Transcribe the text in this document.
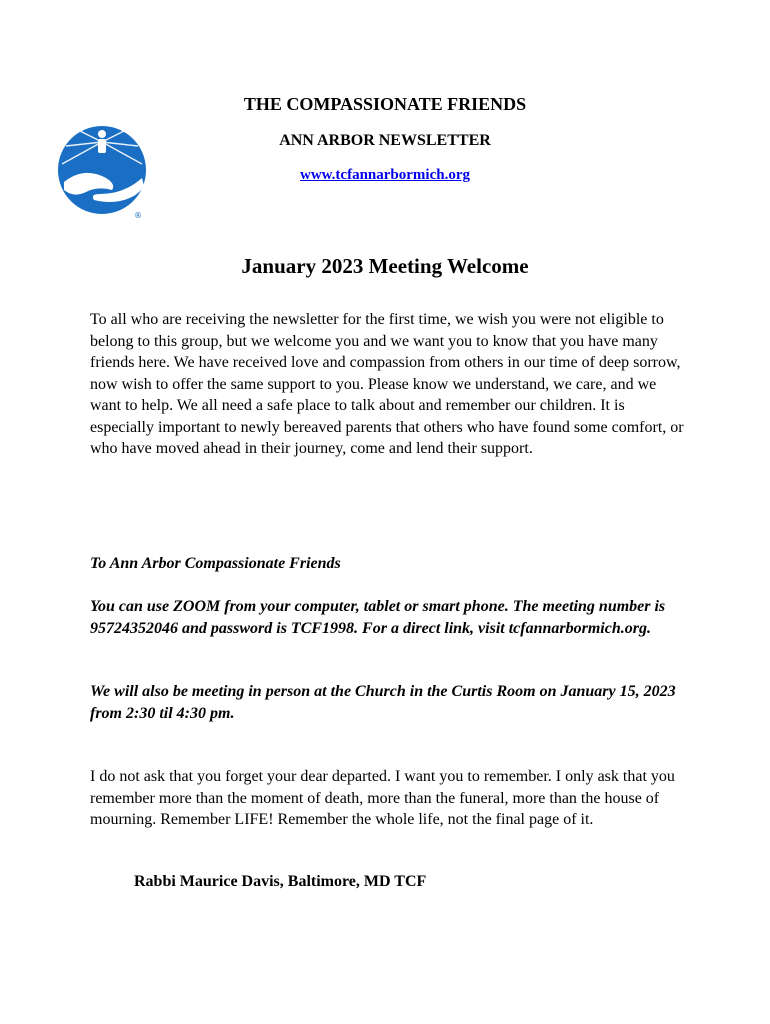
®
THE COMPASSIONATE FRIENDS
ANN ARBOR NEWSLETTER
www.tcfannarbormich.org
January 2023 Meeting Welcome
To all who are receiving the newsletter for the first time, we wish you were not eligible to belong to this group, but we welcome you and we want you to know that you have many friends here. We have received love and compassion from others in our time of deep sorrow, now wish to offer the same support to you. Please know we understand, we care, and we want to help. We all need a safe place to talk about and remember our children. It is especially important to newly bereaved parents that others who have found some comfort, or who have moved ahead in their journey, come and lend their support.
To Ann Arbor Compassionate Friends
You can use ZOOM from your computer, tablet or smart phone. The meeting number is 95724352046 and password is TCF1998. For a direct link, visit tcfannarbormich.org.
We will also be meeting in person at the Church in the Curtis Room on January 15, 2023 from 2:30 til 4:30 pm.
I do not ask that you forget your dear departed. I want you to remember. I only ask that you remember more than the moment of death, more than the funeral, more than the house of mourning. Remember LIFE! Remember the whole life, not the final page of it.
Rabbi Maurice Davis, Baltimore, MD TCF
